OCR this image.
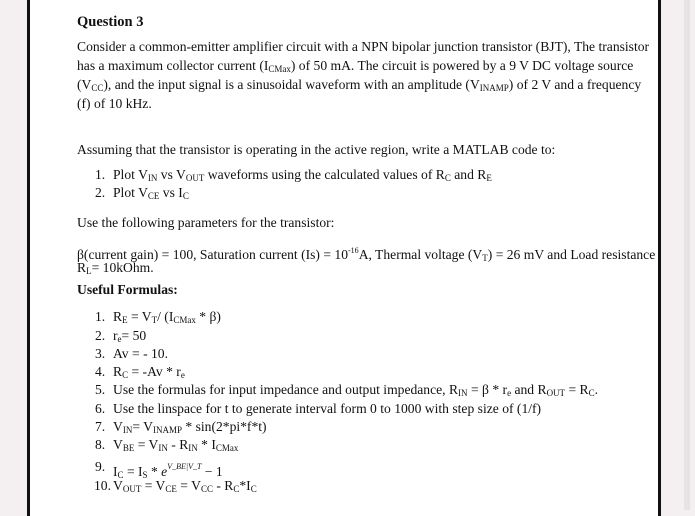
Question 3
Consider a common-emitter amplifier circuit with a NPN bipolar junction transistor (BJT), The transistor
has a maximum collector current $(I_{CMax})$ of 50 mA. The circuit is powered by a 9 V DC voltage source
$(V_{CC})$, and the input signal is a sinusoidal waveform with an amplitude $(V_{INAMP})$ of 2 V and a frequency
(f) of 10 kHz.
Assuming that the transistor is operating in the active region, write a MATLAB code to:
1. Plot $V_{IN}$ vs $V_{OUT}$ waveforms using the calculated values of $R_C$ and $R_E$
2. Plot $V_{CE}$ vs $I_C$
Use the following parameters for the transistor:
β(current gain) = 100, Saturation current $(Is) = 10^{-16}A$, Thermal voltage $(V_T) = 26$ mV and Load resistance
$R_L=$ 10kOhm.
Useful Formulas:
1. $R_E = V_T/$ $(I_{CMax} * \beta)$
2. $r_e= 50$
3. Av = - 10.
4. $R_C = -Av * r_e$
5. Use the formulas for input impedance and output impedance, $R_{IN} = \beta * r_e$ and $R_{OUT} = R_C$.
6. Use the linspace for t to generate interval form 0 to 1000 with step size of (1/f)
7. $V_{IN}= V_{INAMP} * \sin(2*pi*f*t)$
8. $V_{BE} = V_{IN} - R_{IN} * I_{CMax}$
9. $I_C = I_S * e^{V\_BE|V\_T} - 1$
10. $V_{OUT} = V_{CE} = V_{CC} - R_C*I_C$
